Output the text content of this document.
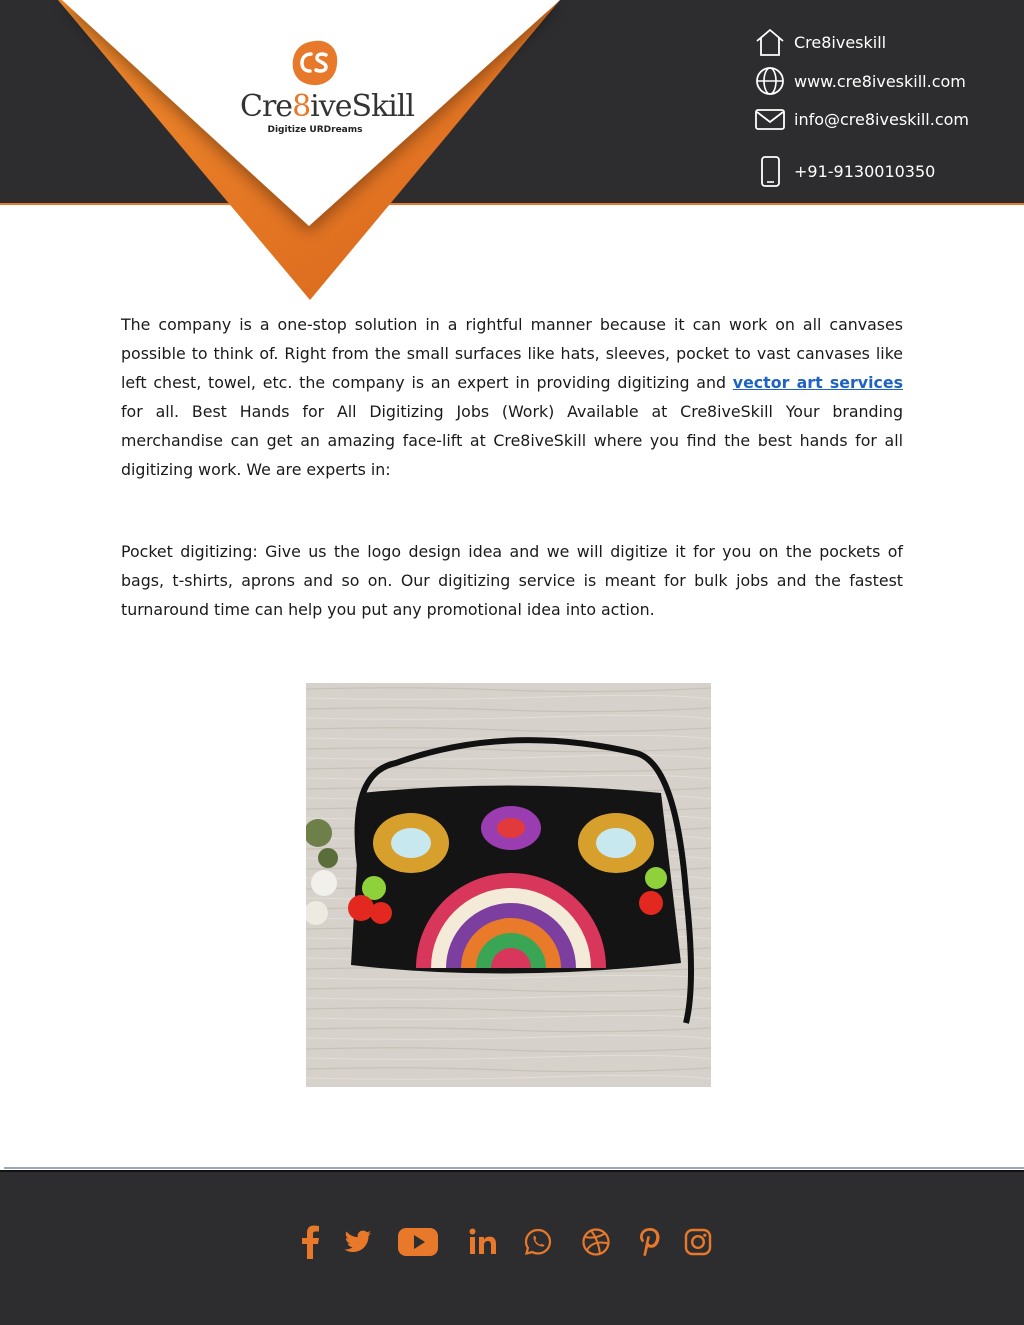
Cre8iveSkill
Digitize URDreams
Cre8iveskill
www.cre8iveskill.com
info@cre8iveskill.com
+91-9130010350
The company is a one-stop solution in a rightful manner because it can work on all canvases possible to think of. Right from the small surfaces like hats, sleeves, pocket to vast canvases like left chest, towel, etc. the company is an expert in providing digitizing and vector art services for all. Best Hands for All Digitizing Jobs (Work) Available at Cre8iveSkill Your branding merchandise can get an amazing face-lift at Cre8iveSkill where you find the best hands for all digitizing work. We are experts in:
Pocket digitizing: Give us the logo design idea and we will digitize it for you on the pockets of bags, t-shirts, aprons and so on. Our digitizing service is meant for bulk jobs and the fastest turnaround time can help you put any promotional idea into action.
